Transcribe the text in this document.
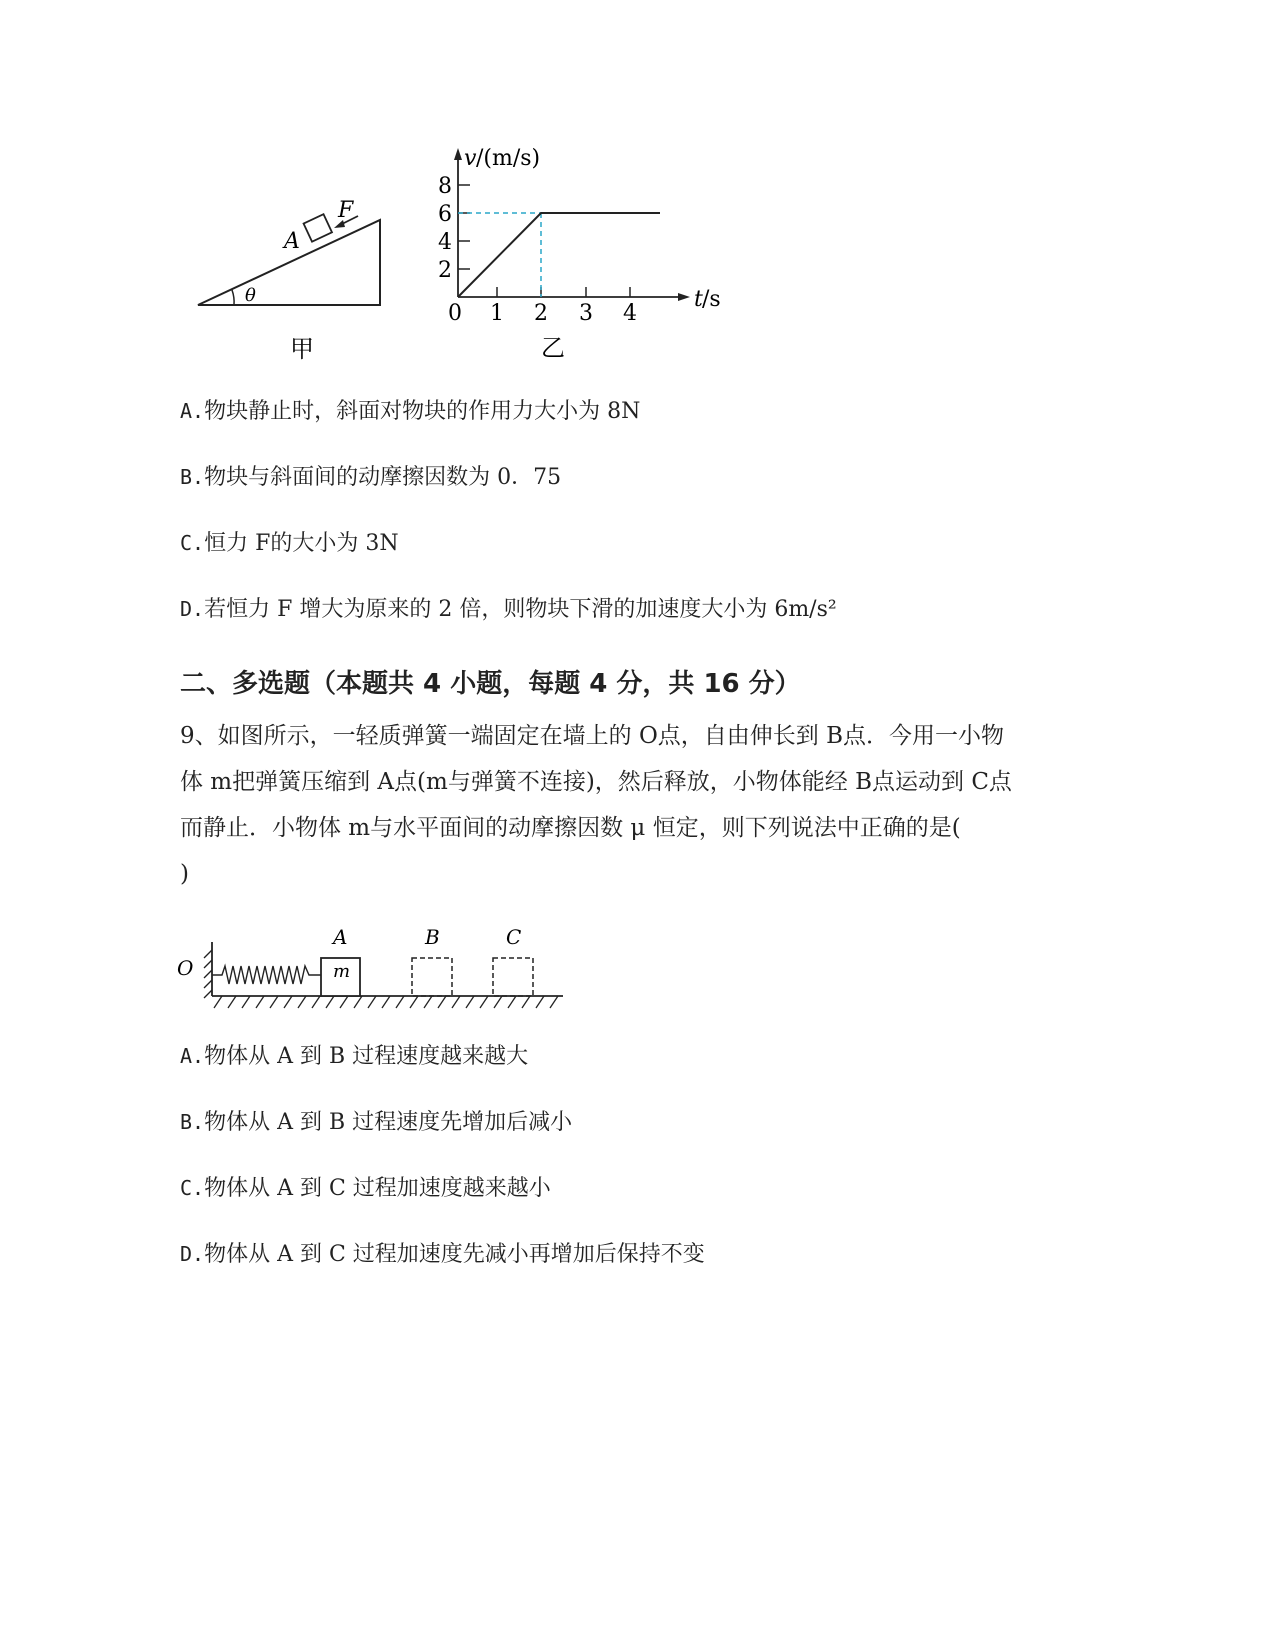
F
A
θ
甲
v /(m/s)
8
6
4
2
0 1 2 3 4
t /s
乙
A.物块静止时，斜面对物块的作用力大小为 8N
B.物块与斜面间的动摩擦因数为 0．75
C.恒力 F的大小为 3N
D.若恒力 F 增大为原来的 2 倍，则物块下滑的加速度大小为 6m/s²
二、多选题（本题共 4 小题，每题 4 分，共 16 分）
9、如图所示，一轻质弹簧一端固定在墙上的 O点，自由伸长到 B点．今用一小物
体 m把弹簧压缩到 A点(m与弹簧不连接)，然后释放，小物体能经 B点运动到 C点
而静止．小物体 m与水平面间的动摩擦因数 μ 恒定，则下列说法中正确的是(
)
O
A	B	C
m
A.物体从 A 到 B 过程速度越来越大
B.物体从 A 到 B 过程速度先增加后减小
C.物体从 A 到 C 过程加速度越来越小
D.物体从 A 到 C 过程加速度先减小再增加后保持不变
